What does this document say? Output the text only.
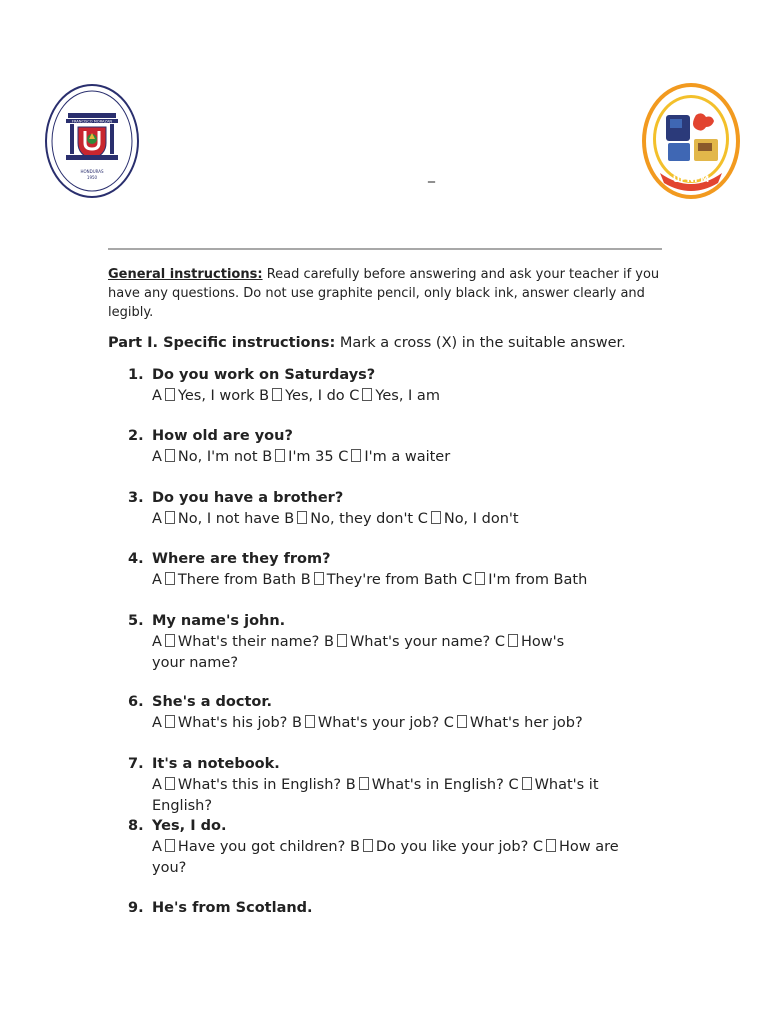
FRANCISCO MORAZAN
HONDURAS
1950	_	UPNFM
General instructions: Read carefully before answering and ask your teacher if you have any questions. Do not use graphite pencil, only black ink, answer clearly and legibly.
Part I. Specific instructions: Mark a cross (X) in the suitable answer.
1. Do you work on Saturdays?
A Yes, I work B Yes, I do C Yes, I am
2. How old are you?
A No, I'm not B I'm 35 C I'm a waiter
3. Do you have a brother?
A No, I not have B No, they don't C No, I don't
4. Where are they from?
A There from Bath B They're from Bath C I'm from Bath
5. My name's john.
A What's their name? B What's your name? C How's your name?
6. She's a doctor.
A What's his job? B What's your job? C What's her job?
7. It's a notebook.
A What's this in English? B What's in English? C What's it English?
8. Yes, I do.
A Have you got children? B Do you like your job? C How are you?
9. He's from Scotland.
